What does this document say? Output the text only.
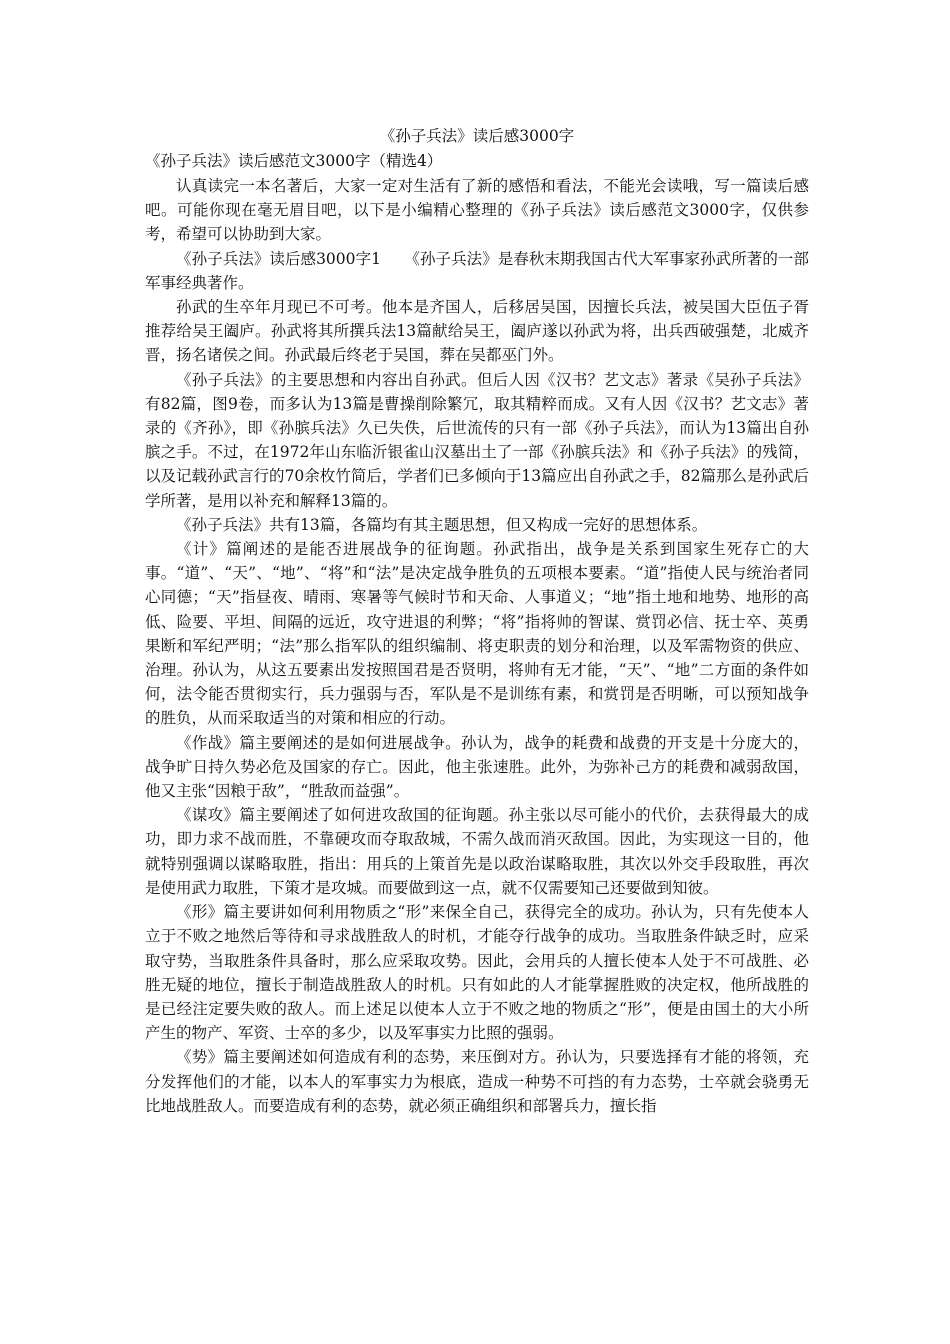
《孙子兵法》读后感3000字

《孙子兵法》读后感范文3000字（精选4）

认真读完一本名著后，大家一定对生活有了新的感悟和看法，不能光会读哦，写一篇读后感吧。可能你现在毫无眉目吧，以下是小编精心整理的《孙子兵法》读后感范文3000字，仅供参考，希望可以协助到大家。

《孙子兵法》读后感3000字1　　《孙子兵法》是春秋末期我国古代大军事家孙武所著的一部军事经典著作。

孙武的生卒年月现已不可考。他本是齐国人，后移居吴国，因擅长兵法，被吴国大臣伍子胥推荐给吴王阖庐。孙武将其所撰兵法13篇献给吴王，阖庐遂以孙武为将，出兵西破强楚，北威齐晋，扬名诸侯之间。孙武最后终老于吴国，葬在吴都巫门外。

《孙子兵法》的主要思想和内容出自孙武。但后人因《汉书？艺文志》著录《吴孙子兵法》有82篇，图9卷，而多认为13篇是曹操削除繁冗，取其精粹而成。又有人因《汉书？艺文志》著录的《齐孙》，即《孙膑兵法》久已失佚，后世流传的只有一部《孙子兵法》，而认为13篇出自孙膑之手。不过，在1972年山东临沂银雀山汉墓出土了一部《孙膑兵法》和《孙子兵法》的残简，以及记载孙武言行的70余枚竹简后，学者们已多倾向于13篇应出自孙武之手，82篇那么是孙武后学所著，是用以补充和解释13篇的。

《孙子兵法》共有13篇，各篇均有其主题思想，但又构成一完好的思想体系。

《计》篇阐述的是能否进展战争的征询题。孙武指出，战争是关系到国家生死存亡的大事。“道”、“天”、“地”、“将”和“法”是决定战争胜负的五项根本要素。“道”指使人民与统治者同心同德；“天”指昼夜、晴雨、寒暑等气候时节和天命、人事道义；“地”指土地和地势、地形的高低、险要、平坦、间隔的远近，攻守进退的利弊；“将”指将帅的智谋、赏罚必信、抚士卒、英勇果断和军纪严明；“法”那么指军队的组织编制、将吏职责的划分和治理，以及军需物资的供应、治理。孙认为，从这五要素出发按照国君是否贤明，将帅有无才能，“天”、“地”二方面的条件如何，法令能否贯彻实行，兵力强弱与否，军队是不是训练有素，和赏罚是否明晰，可以预知战争的胜负，从而采取适当的对策和相应的行动。

《作战》篇主要阐述的是如何进展战争。孙认为，战争的耗费和战费的开支是十分庞大的，战争旷日持久势必危及国家的存亡。因此，他主张速胜。此外，为弥补己方的耗费和减弱敌国，他又主张“因粮于敌”，“胜敌而益强”。

《谋攻》篇主要阐述了如何进攻敌国的征询题。孙主张以尽可能小的代价，去获得最大的成功，即力求不战而胜，不靠硬攻而夺取敌城，不需久战而消灭敌国。因此，为实现这一目的，他就特别强调以谋略取胜，指出：用兵的上策首先是以政治谋略取胜，其次以外交手段取胜，再次是使用武力取胜，下策才是攻城。而要做到这一点，就不仅需要知己还要做到知彼。

《形》篇主要讲如何利用物质之“形”来保全自己，获得完全的成功。孙认为，只有先使本人立于不败之地然后等待和寻求战胜敌人的时机，才能夺行战争的成功。当取胜条件缺乏时，应采取守势，当取胜条件具备时，那么应采取攻势。因此，会用兵的人擅长使本人处于不可战胜、必胜无疑的地位，擅长于制造战胜敌人的时机。只有如此的人才能掌握胜败的决定权，他所战胜的是已经注定要失败的敌人。而上述足以使本人立于不败之地的物质之“形”，便是由国土的大小所产生的物产、军资、士卒的多少，以及军事实力比照的强弱。

《势》篇主要阐述如何造成有利的态势，来压倒对方。孙认为，只要选择有才能的将领，充分发挥他们的才能，以本人的军事实力为根底，造成一种势不可挡的有力态势，士卒就会骁勇无比地战胜敌人。而要造成有利的态势，就必须正确组织和部署兵力，擅长指
